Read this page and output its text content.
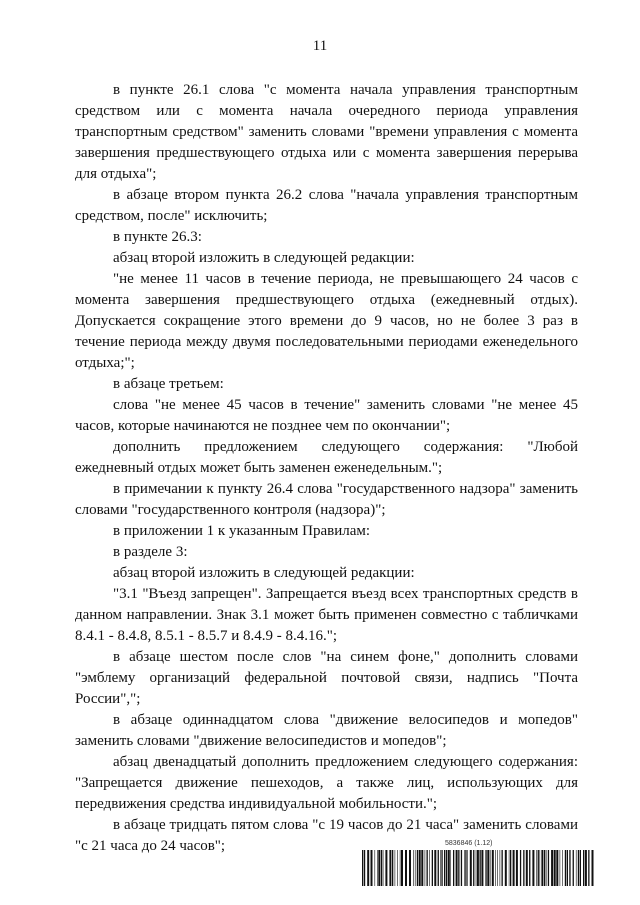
11

в пункте 26.1 слова "с момента начала управления транспортным средством или с момента начала очередного периода управления транспортным средством" заменить словами "времени управления с момента завершения предшествующего отдыха или с момента завершения перерыва для отдыха";

в абзаце втором пункта 26.2 слова "начала управления транспортным средством, после" исключить;

в пункте 26.3:

абзац второй изложить в следующей редакции:

"не менее 11 часов в течение периода, не превышающего 24 часов с момента завершения предшествующего отдыха (ежедневный отдых). Допускается сокращение этого времени до 9 часов, но не более 3 раз в течение периода между двумя последовательными периодами еженедельного отдыха;";

в абзаце третьем:

слова "не менее 45 часов в течение" заменить словами "не менее 45 часов, которые начинаются не позднее чем по окончании";

дополнить предложением следующего содержания: "Любой ежедневный отдых может быть заменен еженедельным.";

в примечании к пункту 26.4 слова "государственного надзора" заменить словами "государственного контроля (надзора)";

в приложении 1 к указанным Правилам:

в разделе 3:

абзац второй изложить в следующей редакции:

"3.1 "Въезд запрещен". Запрещается въезд всех транспортных средств в данном направлении. Знак 3.1 может быть применен совместно с табличками 8.4.1 - 8.4.8, 8.5.1 - 8.5.7 и 8.4.9 - 8.4.16.";

в абзаце шестом после слов "на синем фоне," дополнить словами "эмблему организаций федеральной почтовой связи, надпись "Почта России",";

в абзаце одиннадцатом слова "движение велосипедов и мопедов" заменить словами "движение велосипедистов и мопедов";

абзац двенадцатый дополнить предложением следующего содержания: "Запрещается движение пешеходов, а также лиц, использующих для передвижения средства индивидуальной мобильности.";

в абзаце тридцать пятом слова "с 19 часов до 21 часа" заменить словами "с 21 часа до 24 часов";	5836846 (1.12)
